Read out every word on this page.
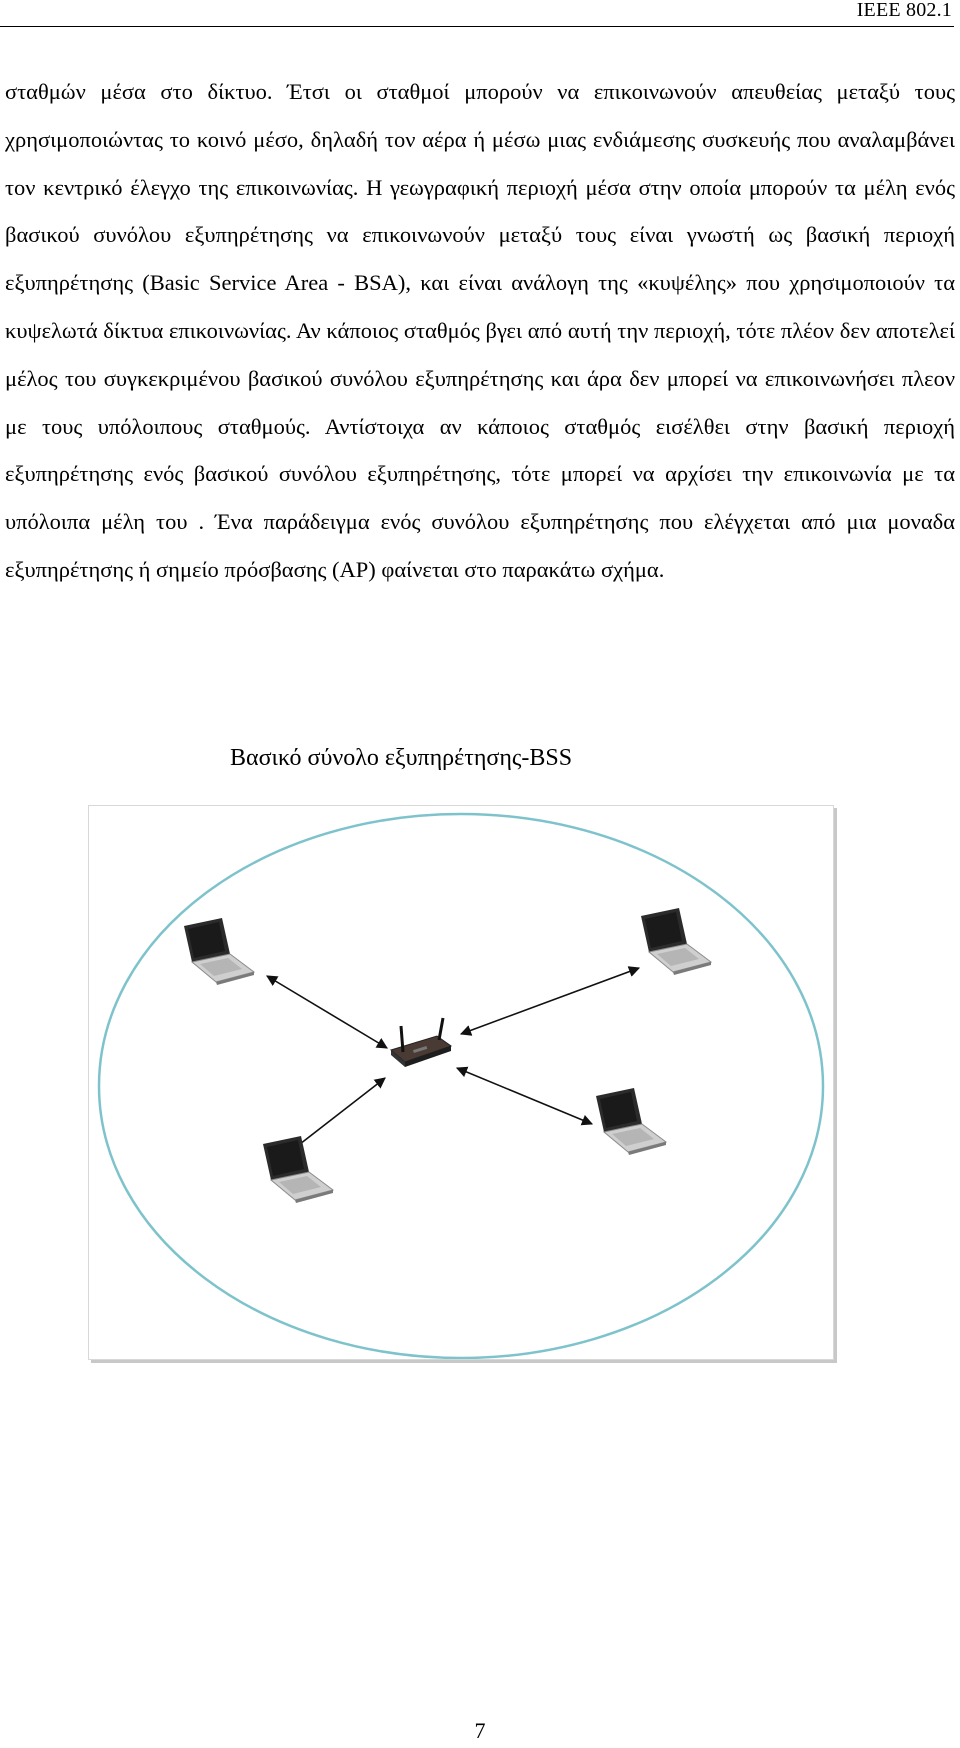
IEEE 802.1

σταθμών μέσα στο δίκτυο. Έτσι οι σταθμοί μπορούν να επικοινωνούν απευθείας μεταξύ τους χρησιμοποιώντας το κοινό μέσο, δηλαδή τον αέρα ή μέσω μιας ενδιάμεσης συσκευής που αναλαμβάνει τον κεντρικό έλεγχο της επικοινωνίας. Η γεωγραφική περιοχή μέσα στην οποία μπορούν τα μέλη ενός βασικού συνόλου εξυπηρέτησης να επικοινωνούν μεταξύ τους είναι γνωστή ως βασική περιοχή εξυπηρέτησης (Basic Service Area - BSA), και είναι ανάλογη της «κυψέλης» που χρησιμοποιούν τα κυψελωτά δίκτυα επικοινωνίας. Αν κάποιος σταθμός βγει από αυτή την περιοχή, τότε πλέον δεν αποτελεί μέλος του συγκεκριμένου βασικού συνόλου εξυπηρέτησης και άρα δεν μπορεί να επικοινωνήσει πλεον με τους υπόλοιπους σταθμούς. Αντίστοιχα αν κάποιος σταθμός εισέλθει στην βασική περιοχή εξυπηρέτησης ενός βασικού συνόλου εξυπηρέτησης, τότε μπορεί να αρχίσει την επικοινωνία με τα υπόλοιπα μέλη του . Ένα παράδειγμα ενός συνόλου εξυπηρέτησης που ελέγχεται από μια μοναδα εξυπηρέτησης ή σημείο πρόσβασης (AP) φαίνεται στο παρακάτω σχήμα.

Βασικό σύνολο εξυπηρέτησης-BSS
7
